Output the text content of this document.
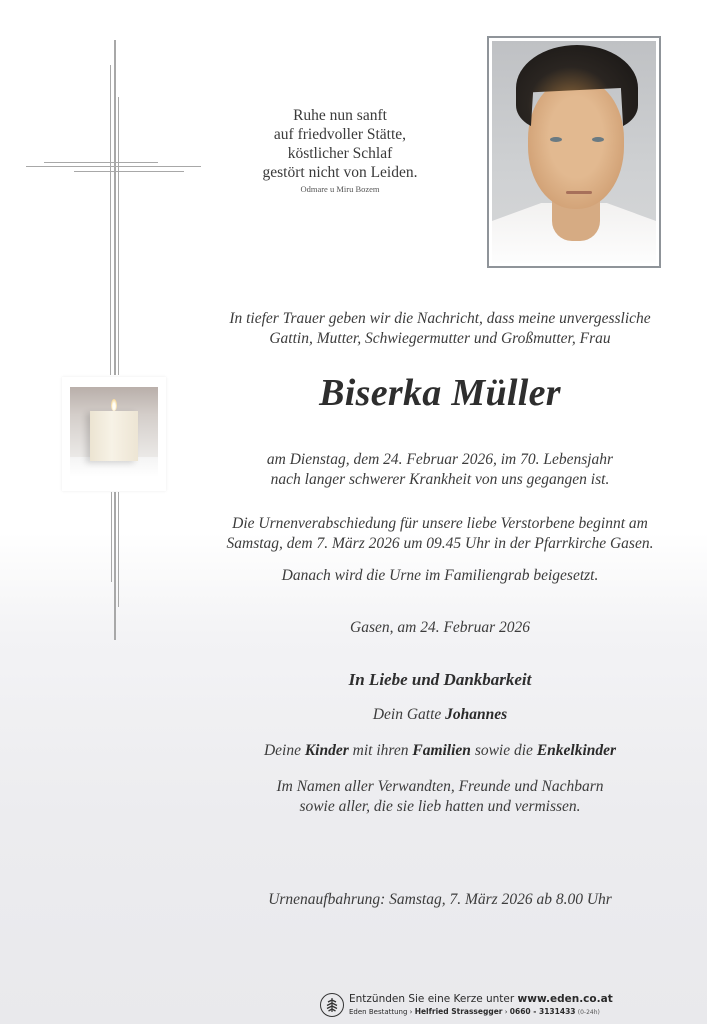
Ruhe nun sanft
auf friedvoller Stätte,
köstlicher Schlaf
gestört nicht von Leiden.
Odmare u Miru Bozem
In tiefer Trauer geben wir die Nachricht, dass meine unvergessliche
Gattin, Mutter, Schwiegermutter und Großmutter, Frau
Biserka Müller
am Dienstag, dem 24. Februar 2026, im 70. Lebensjahr
nach langer schwerer Krankheit von uns gegangen ist.
Die Urnenverabschiedung für unsere liebe Verstorbene beginnt am
Samstag, dem 7. März 2026 um 09.45 Uhr in der Pfarrkirche Gasen.
Danach wird die Urne im Familiengrab beigesetzt.
Gasen, am 24. Februar 2026
In Liebe und Dankbarkeit
Dein Gatte Johannes
Deine Kinder mit ihren Familien sowie die Enkelkinder
Im Namen aller Verwandten, Freunde und Nachbarn
sowie aller, die sie lieb hatten und vermissen.
Urnenaufbahrung: Samstag, 7. März 2026 ab 8.00 Uhr
Entzünden Sie eine Kerze unter www.eden.co.at
Eden Bestattung › Helfried Strassegger › 0660 - 3131433 (0-24h)
